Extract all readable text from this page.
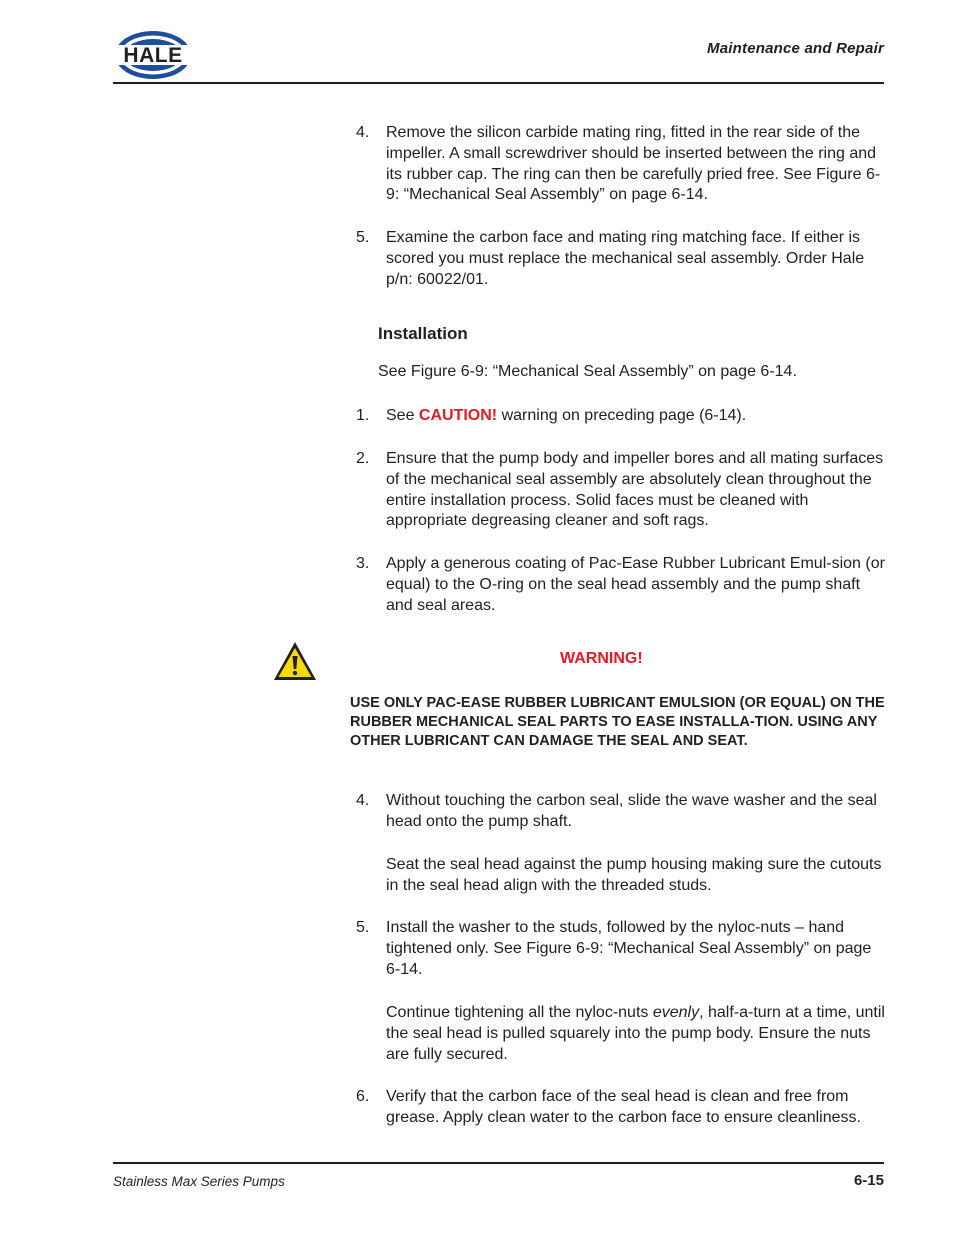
HALE	Maintenance and Repair
4.	Remove the silicon carbide mating ring, fitted in the rear side of the impeller. A small screwdriver should be inserted between the ring and its rubber cap. The ring can then be carefully pried free. See Figure 6-9: “Mechanical Seal Assembly” on page 6-14.
5.	Examine the carbon face and mating ring matching face. If either is scored you must replace the mechanical seal assembly. Order Hale p/n: 60022/01.
Installation
See Figure 6-9: “Mechanical Seal Assembly” on page 6-14.
1.	See CAUTION! warning on preceding page (6-14).
2.	Ensure that the pump body and impeller bores and all mating surfaces of the mechanical seal assembly are absolutely clean throughout the entire installation process. Solid faces must be cleaned with appropriate degreasing cleaner and soft rags.
3.	Apply a generous coating of Pac-Ease Rubber Lubricant Emul-sion (or equal) to the O-ring on the seal head assembly and the pump shaft and seal areas.
WARNING!
USE ONLY PAC-EASE RUBBER LUBRICANT EMULSION (OR EQUAL) ON THE RUBBER MECHANICAL SEAL PARTS TO EASE INSTALLA-TION. USING ANY OTHER LUBRICANT CAN DAMAGE THE SEAL AND SEAT.
4.	Without touching the carbon seal, slide the wave washer and the seal head onto the pump shaft.
Seat the seal head against the pump housing making sure the cutouts in the seal head align with the threaded studs.
5.	Install the washer to the studs, followed by the nyloc-nuts – hand tightened only. See Figure 6-9: “Mechanical Seal Assembly” on page 6-14.
Continue tightening all the nyloc-nuts evenly, half-a-turn at a time, until the seal head is pulled squarely into the pump body. Ensure the nuts are fully secured.
6.	Verify that the carbon face of the seal head is clean and free from grease. Apply clean water to the carbon face to ensure cleanliness.
Stainless Max Series Pumps	6-15
